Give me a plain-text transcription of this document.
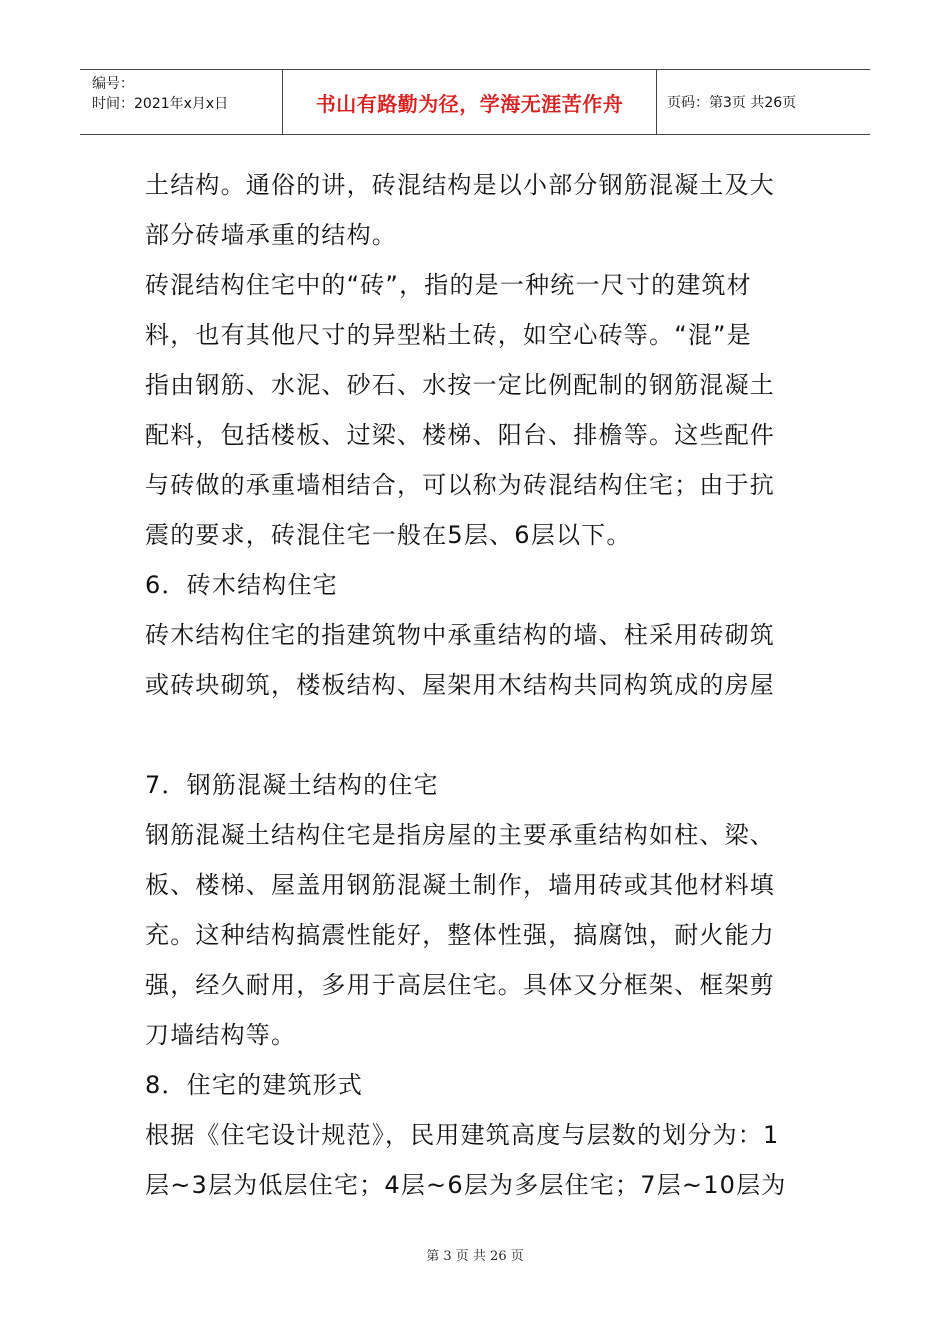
编号：
时间：2021年x月x日	书山有路勤为径，学海无涯苦作舟	页码：第3页 共26页
土结构。通俗的讲，砖混结构是以小部分钢筋混凝土及大
部分砖墙承重的结构。
砖混结构住宅中的“砖”，指的是一种统一尺寸的建筑材
料，也有其他尺寸的异型粘土砖，如空心砖等。“混”是
指由钢筋、水泥、砂石、水按一定比例配制的钢筋混凝土
配料，包括楼板、过梁、楼梯、阳台、排檐等。这些配件
与砖做的承重墙相结合，可以称为砖混结构住宅；由于抗
震的要求，砖混住宅一般在5层、6层以下。
6．砖木结构住宅
砖木结构住宅的指建筑物中承重结构的墙、柱采用砖砌筑
或砖块砌筑，楼板结构、屋架用木结构共同构筑成的房屋
7．钢筋混凝土结构的住宅
钢筋混凝土结构住宅是指房屋的主要承重结构如柱、梁、
板、楼梯、屋盖用钢筋混凝土制作，墙用砖或其他材料填
充。这种结构搞震性能好，整体性强，搞腐蚀，耐火能力
强，经久耐用，多用于高层住宅。具体又分框架、框架剪
刀墙结构等。
8．住宅的建筑形式
根据《住宅设计规范》，民用建筑高度与层数的划分为：1
层~3层为低层住宅；4层~6层为多层住宅；7层~10层为
第 3 页 共 26 页
